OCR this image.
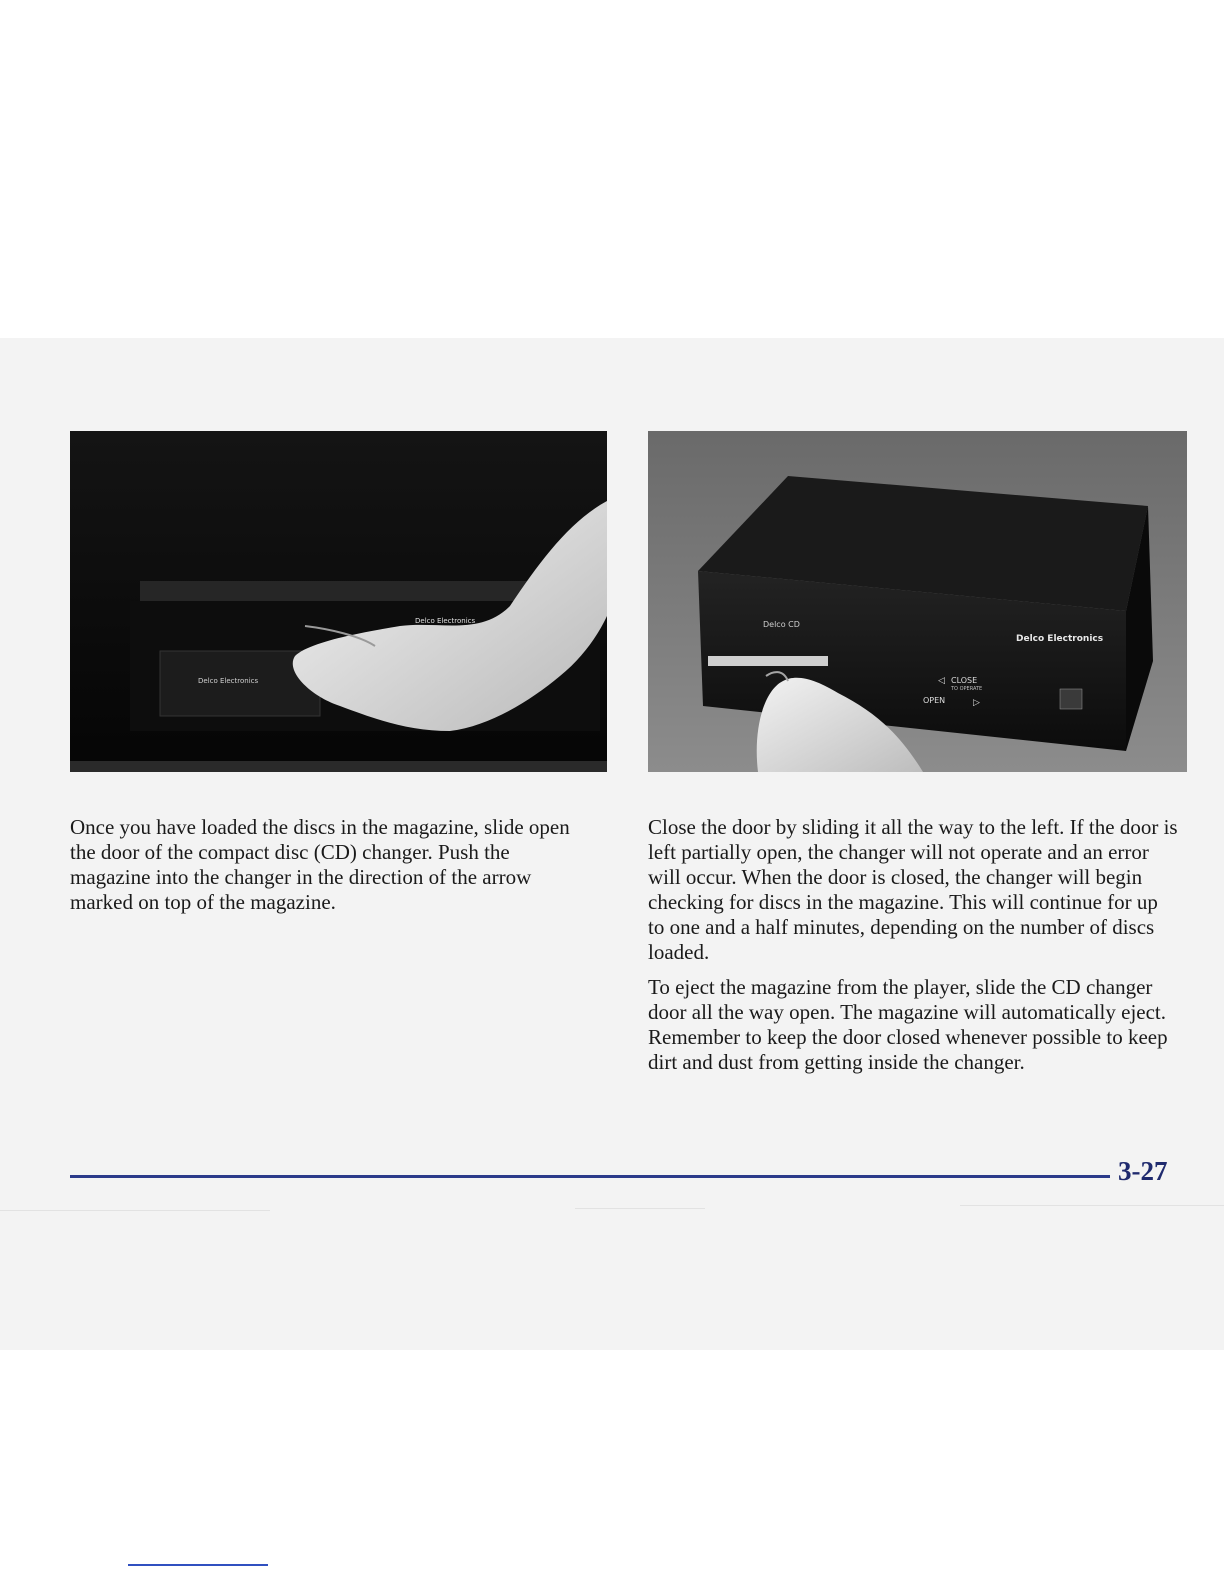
Delco Electronics
Delco Electronics	Delco CD
Delco Electronics
◁ CLOSE
TO OPERATE
OPEN	▷

Once you have loaded the discs in the magazine, slide open the door of the compact disc (CD) changer. Push the magazine into the changer in the direction of the arrow marked on top of the magazine.

Close the door by sliding it all the way to the left. If the door is left partially open, the changer will not operate and an error will occur. When the door is closed, the changer will begin checking for discs in the magazine. This will continue for up to one and a half minutes, depending on the number of discs loaded.

To eject the magazine from the player, slide the CD changer door all the way open. The magazine will automatically eject. Remember to keep the door closed whenever possible to keep dirt and dust from getting inside the changer.

3-27
